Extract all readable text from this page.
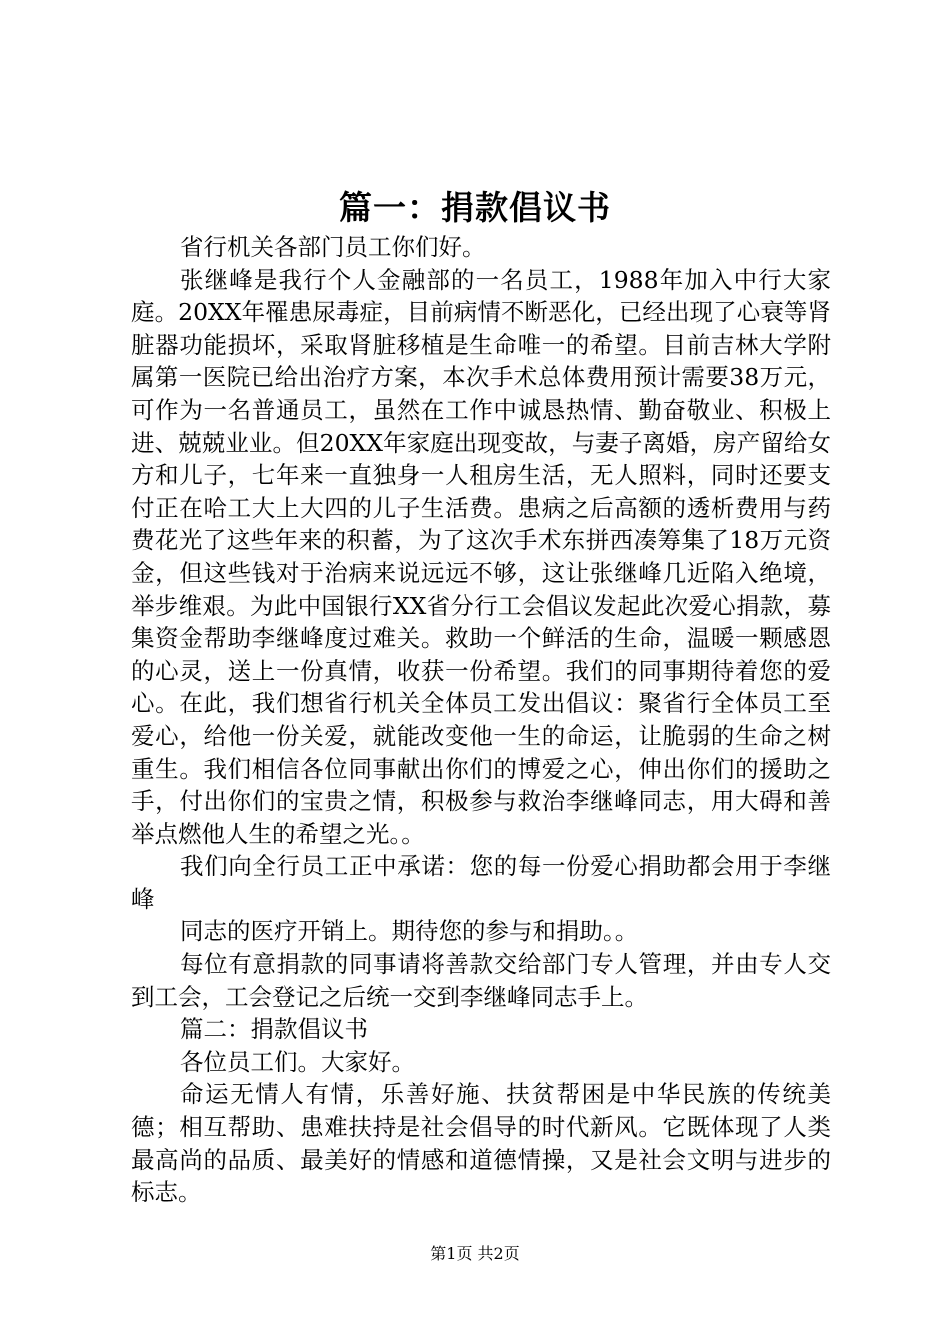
篇一：捐款倡议书

省行机关各部门员工你们好。

张继峰是我行个人金融部的一名员工，1988年加入中行大家庭。20XX年罹患尿毒症，目前病情不断恶化，已经出现了心衰等肾脏器功能损坏，采取肾脏移植是生命唯一的希望。目前吉林大学附属第一医院已给出治疗方案，本次手术总体费用预计需要38万元，可作为一名普通员工，虽然在工作中诚恳热情、勤奋敬业、积极上进、兢兢业业。但20XX年家庭出现变故，与妻子离婚，房产留给女方和儿子，七年来一直独身一人租房生活，无人照料，同时还要支付正在哈工大上大四的儿子生活费。患病之后高额的透析费用与药费花光了这些年来的积蓄，为了这次手术东拼西凑筹集了18万元资金，但这些钱对于治病来说远远不够，这让张继峰几近陷入绝境，举步维艰。为此中国银行XX省分行工会倡议发起此次爱心捐款，募集资金帮助李继峰度过难关。救助一个鲜活的生命，温暖一颗感恩的心灵，送上一份真情，收获一份希望。我们的同事期待着您的爱心。在此，我们想省行机关全体员工发出倡议：聚省行全体员工至爱心，给他一份关爱，就能改变他一生的命运，让脆弱的生命之树重生。我们相信各位同事献出你们的博爱之心，伸出你们的援助之手，付出你们的宝贵之情，积极参与救治李继峰同志，用大碍和善举点燃他人生的希望之光。。

我们向全行员工正中承诺：您的每一份爱心捐助都会用于李继峰

同志的医疗开销上。期待您的参与和捐助。。

每位有意捐款的同事请将善款交给部门专人管理，并由专人交到工会，工会登记之后统一交到李继峰同志手上。

篇二：捐款倡议书

各位员工们。大家好。

命运无情人有情，乐善好施、扶贫帮困是中华民族的传统美德；相互帮助、患难扶持是社会倡导的时代新风。它既体现了人类最高尚的品质、最美好的情感和道德情操，又是社会文明与进步的标志。

第1页 共2页
